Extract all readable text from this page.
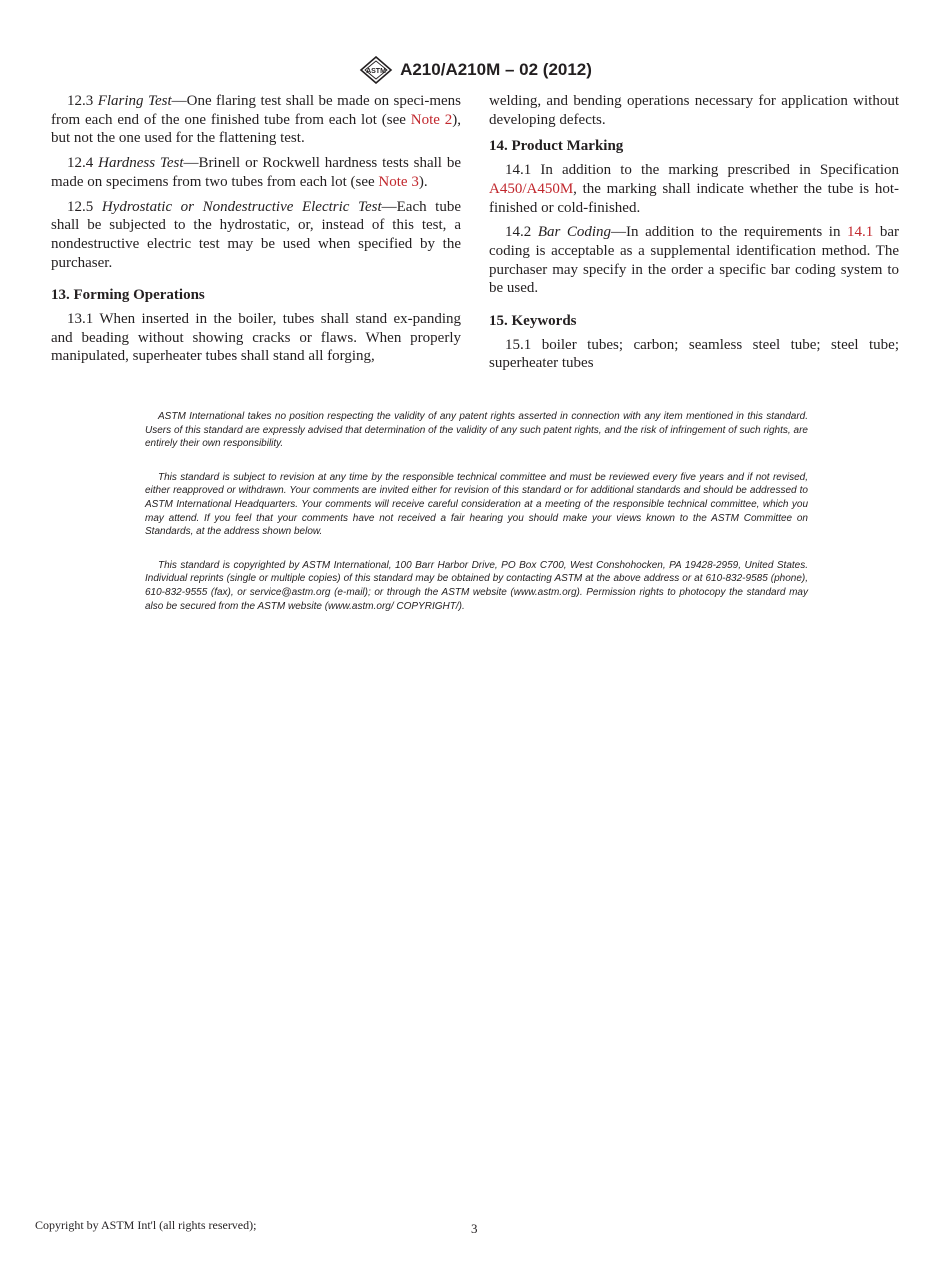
ASTM A210/A210M – 02 (2012)

12.3 Flaring Test—One flaring test shall be made on speci-mens from each end of the one finished tube from each lot (see Note 2), but not the one used for the flattening test.

12.4 Hardness Test—Brinell or Rockwell hardness tests shall be made on specimens from two tubes from each lot (see Note 3).

12.5 Hydrostatic or Nondestructive Electric Test—Each tube shall be subjected to the hydrostatic, or, instead of this test, a nondestructive electric test may be used when specified by the purchaser.

13. Forming Operations

13.1 When inserted in the boiler, tubes shall stand ex-panding and beading without showing cracks or flaws. When properly manipulated, superheater tubes shall stand all forging,

welding, and bending operations necessary for application without developing defects.

14. Product Marking

14.1 In addition to the marking prescribed in Specification A450/A450M, the marking shall indicate whether the tube is hot-finished or cold-finished.

14.2 Bar Coding—In addition to the requirements in 14.1 bar coding is acceptable as a supplemental identification method. The purchaser may specify in the order a specific bar coding system to be used.

15. Keywords

15.1 boiler tubes; carbon; seamless steel tube; steel tube; superheater tubes

ASTM International takes no position respecting the validity of any patent rights asserted in connection with any item mentioned in this standard. Users of this standard are expressly advised that determination of the validity of any such patent rights, and the risk of infringement of such rights, are entirely their own responsibility.

This standard is subject to revision at any time by the responsible technical committee and must be reviewed every five years and if not revised, either reapproved or withdrawn. Your comments are invited either for revision of this standard or for additional standards and should be addressed to ASTM International Headquarters. Your comments will receive careful consideration at a meeting of the responsible technical committee, which you may attend. If you feel that your comments have not received a fair hearing you should make your views known to the ASTM Committee on Standards, at the address shown below.

This standard is copyrighted by ASTM International, 100 Barr Harbor Drive, PO Box C700, West Conshohocken, PA 19428-2959, United States. Individual reprints (single or multiple copies) of this standard may be obtained by contacting ASTM at the above address or at 610-832-9585 (phone), 610-832-9555 (fax), or service@astm.org (e-mail); or through the ASTM website (www.astm.org). Permission rights to photocopy the standard may also be secured from the ASTM website (www.astm.org/ COPYRIGHT/).

Copyright by ASTM Int'l (all rights reserved);	3
